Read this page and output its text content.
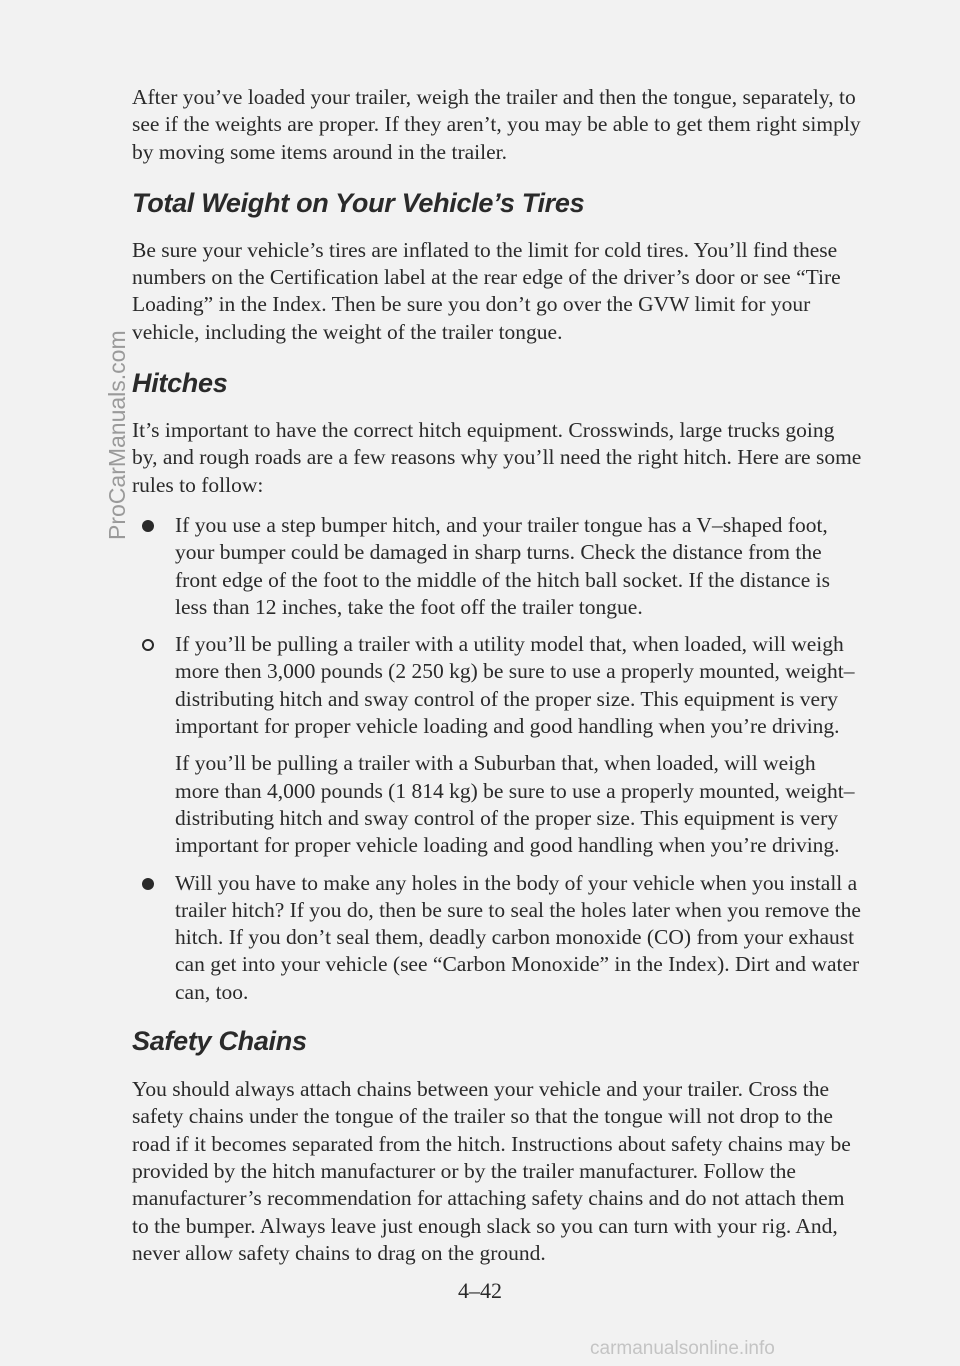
ProCarManuals.com

After you’ve loaded your trailer, weigh the trailer and then the tongue, separately, to see if the weights are proper. If they aren’t, you may be able to get them right simply by moving some items around in the trailer.

Total Weight on Your Vehicle’s Tires

Be sure your vehicle’s tires are inflated to the limit for cold tires. You’ll find these numbers on the Certification label at the rear edge of the driver’s door or see “Tire Loading” in the Index. Then be sure you don’t go over the GVW limit for your vehicle, including the weight of the trailer tongue.

Hitches

It’s important to have the correct hitch equipment. Crosswinds, large trucks going by, and rough roads are a few reasons why you’ll need the right hitch. Here are some rules to follow:

If you use a step bumper hitch, and your trailer tongue has a V–shaped foot, your bumper could be damaged in sharp turns. Check the distance from the front edge of the foot to the middle of the hitch ball socket. If the distance is less than 12 inches, take the foot off the trailer tongue.

If you’ll be pulling a trailer with a utility model that, when loaded, will weigh more then 3,000 pounds (2 250 kg) be sure to use a properly mounted, weight–distributing hitch and sway control of the proper size. This equipment is very important for proper vehicle loading and good handling when you’re driving.

If you’ll be pulling a trailer with a Suburban that, when loaded, will weigh more than 4,000 pounds (1 814 kg) be sure to use a properly mounted, weight–distributing hitch and sway control of the proper size. This equipment is very important for proper vehicle loading and good handling when you’re driving.

Will you have to make any holes in the body of your vehicle when you install a trailer hitch? If you do, then be sure to seal the holes later when you remove the hitch. If you don’t seal them, deadly carbon monoxide (CO) from your exhaust can get into your vehicle (see “Carbon Monoxide” in the Index). Dirt and water can, too.

Safety Chains

You should always attach chains between your vehicle and your trailer. Cross the safety chains under the tongue of the trailer so that the tongue will not drop to the road if it becomes separated from the hitch. Instructions about safety chains may be provided by the hitch manufacturer or by the trailer manufacturer. Follow the manufacturer’s recommendation for attaching safety chains and do not attach them to the bumper. Always leave just enough slack so you can turn with your rig. And, never allow safety chains to drag on the ground.

4–42
carmanualsonline.info
